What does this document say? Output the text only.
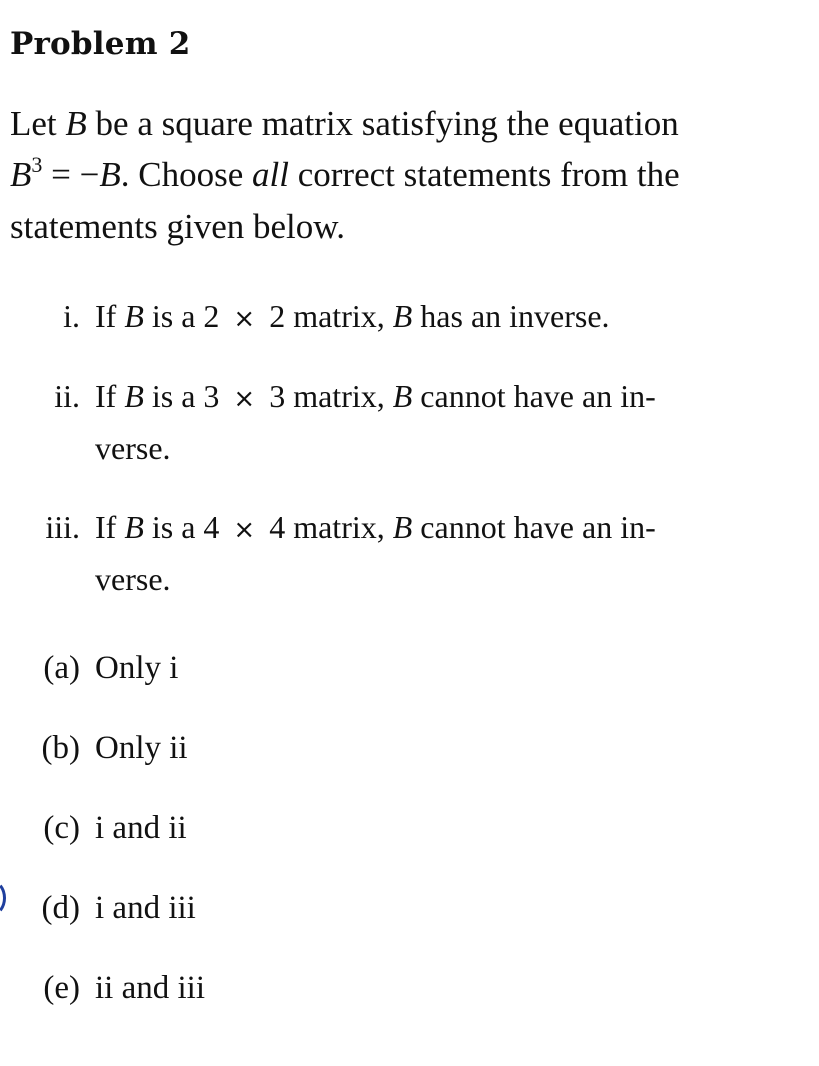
Problem 2
Let B be a square matrix satisfying the equation
$B^3 = -B$. Choose all correct statements from the
statements given below.
i. If B is a 2 × 2 matrix, B has an inverse.
ii. If B is a 3 × 3 matrix, B cannot have an in-
verse.
iii. If B is a 4 × 4 matrix, B cannot have an in-
verse.
(a) Only i
(b) Only ii
(c) i and ii
(d) i and iii
(e) ii and iii
